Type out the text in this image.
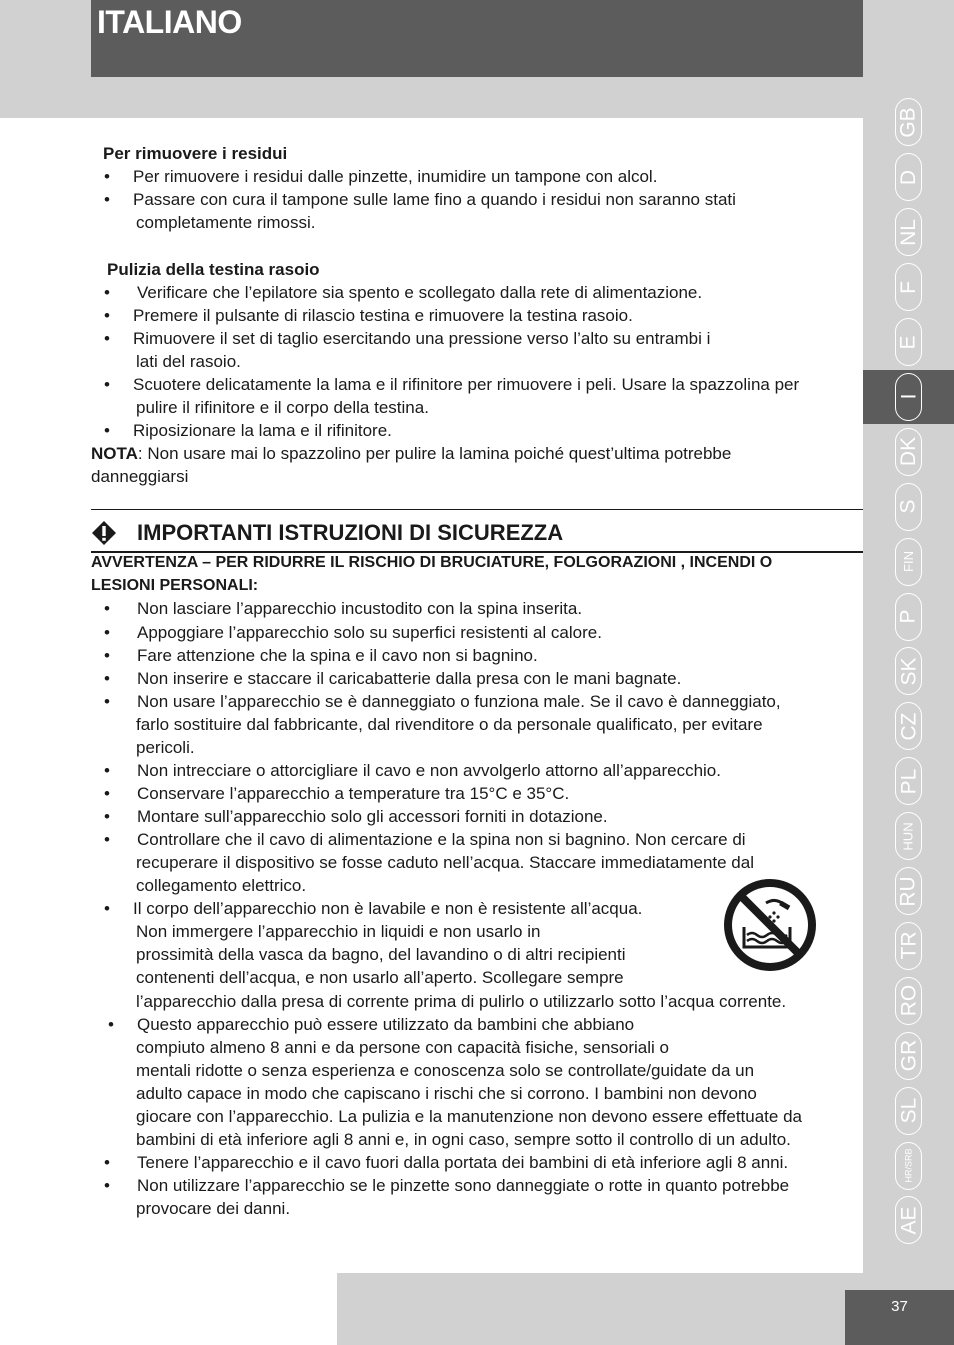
ITALIANO
37
GB
D
NL
F
E
I
DK
S
FIN
P
SK
CZ
PL
HUN
RU
TR
RO
GR
SL
HR/SRB
AE
Per rimuovere i residui
• Per rimuovere i residui dalle pinzette, inumidire un tampone con alcol.
• Passare con cura il tampone sulle lame fino a quando i residui non saranno stati
completamente rimossi.
Pulizia della testina rasoio
• Verificare che l’epilatore sia spento e scollegato dalla rete di alimentazione.
• Premere il pulsante di rilascio testina e rimuovere la testina rasoio.
• Rimuovere il set di taglio esercitando una pressione verso l’alto su entrambi i
lati del rasoio.
• Scuotere delicatamente la lama e il rifinitore per rimuovere i peli. Usare la spazzolina per
pulire il rifinitore e il corpo della testina.
• Riposizionare la lama e il rifinitore.
NOTA: Non usare mai lo spazzolino per pulire la lamina poiché quest’ultima potrebbe
danneggiarsi
IMPORTANTI ISTRUZIONI DI SICUREZZA
AVVERTENZA – PER RIDURRE IL RISCHIO DI BRUCIATURE, FOLGORAZIONI , INCENDI O
LESIONI PERSONALI:
• Non lasciare l’apparecchio incustodito con la spina inserita.
• Appoggiare l’apparecchio solo su superfici resistenti al calore.
• Fare attenzione che la spina e il cavo non si bagnino.
• Non inserire e staccare il caricabatterie dalla presa con le mani bagnate.
• Non usare l’apparecchio se è danneggiato o funziona male. Se il cavo è danneggiato,
farlo sostituire dal fabbricante, dal rivenditore o da personale qualificato, per evitare
pericoli.
• Non intrecciare o attorcigliare il cavo e non avvolgerlo attorno all’apparecchio.
• Conservare l’apparecchio a temperature tra 15°C e 35°C.
• Montare sull’apparecchio solo gli accessori forniti in dotazione.
• Controllare che il cavo di alimentazione e la spina non si bagnino. Non cercare di
recuperare il dispositivo se fosse caduto nell’acqua. Staccare immediatamente dal
collegamento elettrico.
• Il corpo dell’apparecchio non è lavabile e non è resistente all’acqua.
Non immergere l’apparecchio in liquidi e non usarlo in
prossimità della vasca da bagno, del lavandino o di altri recipienti
contenenti dell’acqua, e non usarlo all’aperto. Scollegare sempre
l’apparecchio dalla presa di corrente prima di pulirlo o utilizzarlo sotto l’acqua corrente.
• Questo apparecchio può essere utilizzato da bambini che abbiano
compiuto almeno 8 anni e da persone con capacità fisiche, sensoriali o
mentali ridotte o senza esperienza e conoscenza solo se controllate/guidate da un
adulto capace in modo che capiscano i rischi che si corrono. I bambini non devono
giocare con l’apparecchio. La pulizia e la manutenzione non devono essere effettuate da
bambini di età inferiore agli 8 anni e, in ogni caso, sempre sotto il controllo di un adulto.
• Tenere l’apparecchio e il cavo fuori dalla portata dei bambini di età inferiore agli 8 anni.
• Non utilizzare l’apparecchio se le pinzette sono danneggiate o rotte in quanto potrebbe
provocare dei danni.
